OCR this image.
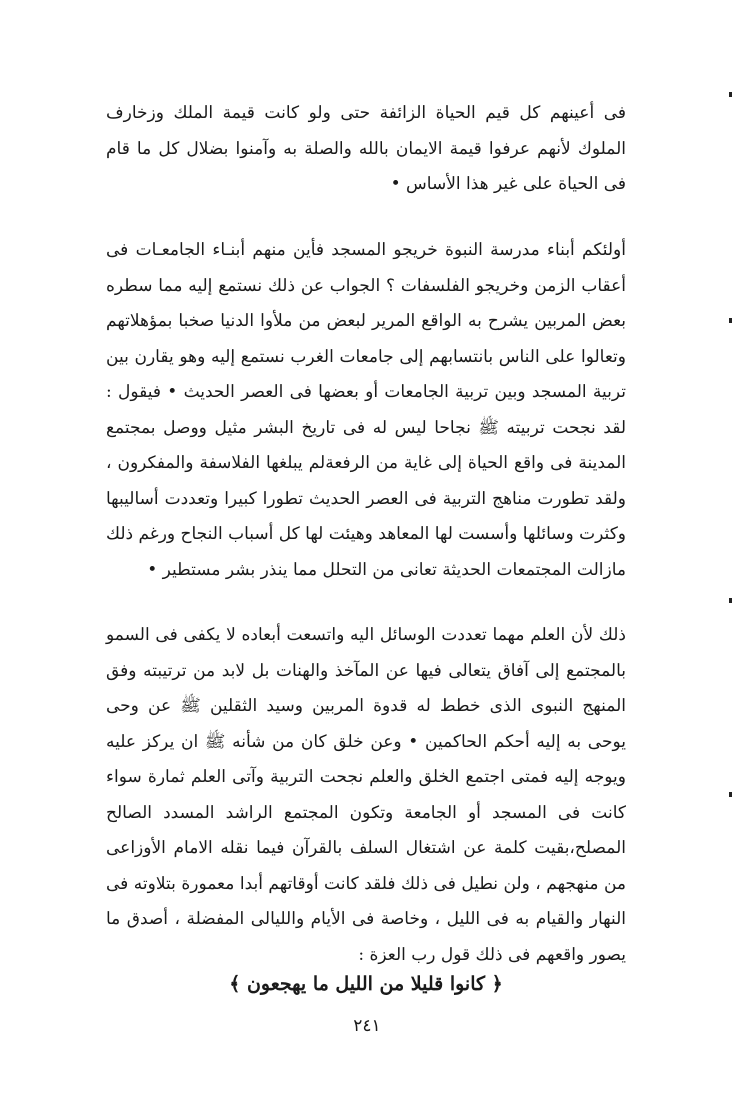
فى أعينهم كل قيم الحياة الزائفة حتى ولو كانت قيمة الملك وزخارف الملوك لأنهم عرفوا قيمة الايمان بالله والصلة به وآمنوا بضلال كل ما قام فى الحياة على غير هذا الأساس •

أولئكم أبناء مدرسة النبوة خريجو المسجد فأين منهم أبنـاء الجامعـات فى أعقاب الزمن وخريجو الفلسفات ؟ الجواب عن ذلك نستمع إليه مما سطره بعض المربين يشرح به الواقع المرير لبعض من ملأوا الدنيا صخبا بمؤهلاتهم وتعالوا على الناس بانتسابهم إلى جامعات الغرب نستمع إليه وهو يقارن بين تربية المسجد وبين تربية الجامعات أو بعضها فى العصر الحديث • فيقول : لقد نجحت تربيته ﷺ نجاحا ليس له فى تاريخ البشر مثيل ووصل بمجتمع المدينة فى واقع الحياة إلى غاية من الرفعةلم يبلغها الفلاسفة والمفكرون ، ولقد تطورت مناهج التربية فى العصر الحديث تطورا كبيرا وتعددت أساليبها وكثرت وسائلها وأسست لها المعاهد وهيئت لها كل أسباب النجاح ورغم ذلك مازالت المجتمعات الحديثة تعانى من التحلل مما ينذر بشر مستطير •

ذلك لأن العلم مهما تعددت الوسائل اليه واتسعت أبعاده لا يكفى فى السمو بالمجتمع إلى آفاق يتعالى فيها عن المآخذ والهنات بل لابد من ترتيبته وفق المنهج النبوى الذى خطط له قدوة المربين وسيد الثقلين ﷺ عن وحى يوحى به إليه أحكم الحاكمين • وعن خلق كان من شأنه ﷺ ان يركز عليه ويوجه إليه فمتى اجتمع الخلق والعلم نجحت التربية وآتى العلم ثمارة سواء كانت فى المسجد أو الجامعة وتكون المجتمع الراشد المسدد الصالح المصلح،بقيت كلمة عن اشتغال السلف بالقرآن فيما نقله الامام الأوزاعى من منهجهم ، ولن نطيل فى ذلك فلقد كانت أوقاتهم أبدا معمورة بتلاوته فى النهار والقيام به فى الليل ، وخاصة فى الأيام والليالى المفضلة ، أصدق ما يصور واقعهم فى ذلك قول رب العزة :

﴿ كانوا قليلا من الليل ما يهجعون ﴾
٢٤١
